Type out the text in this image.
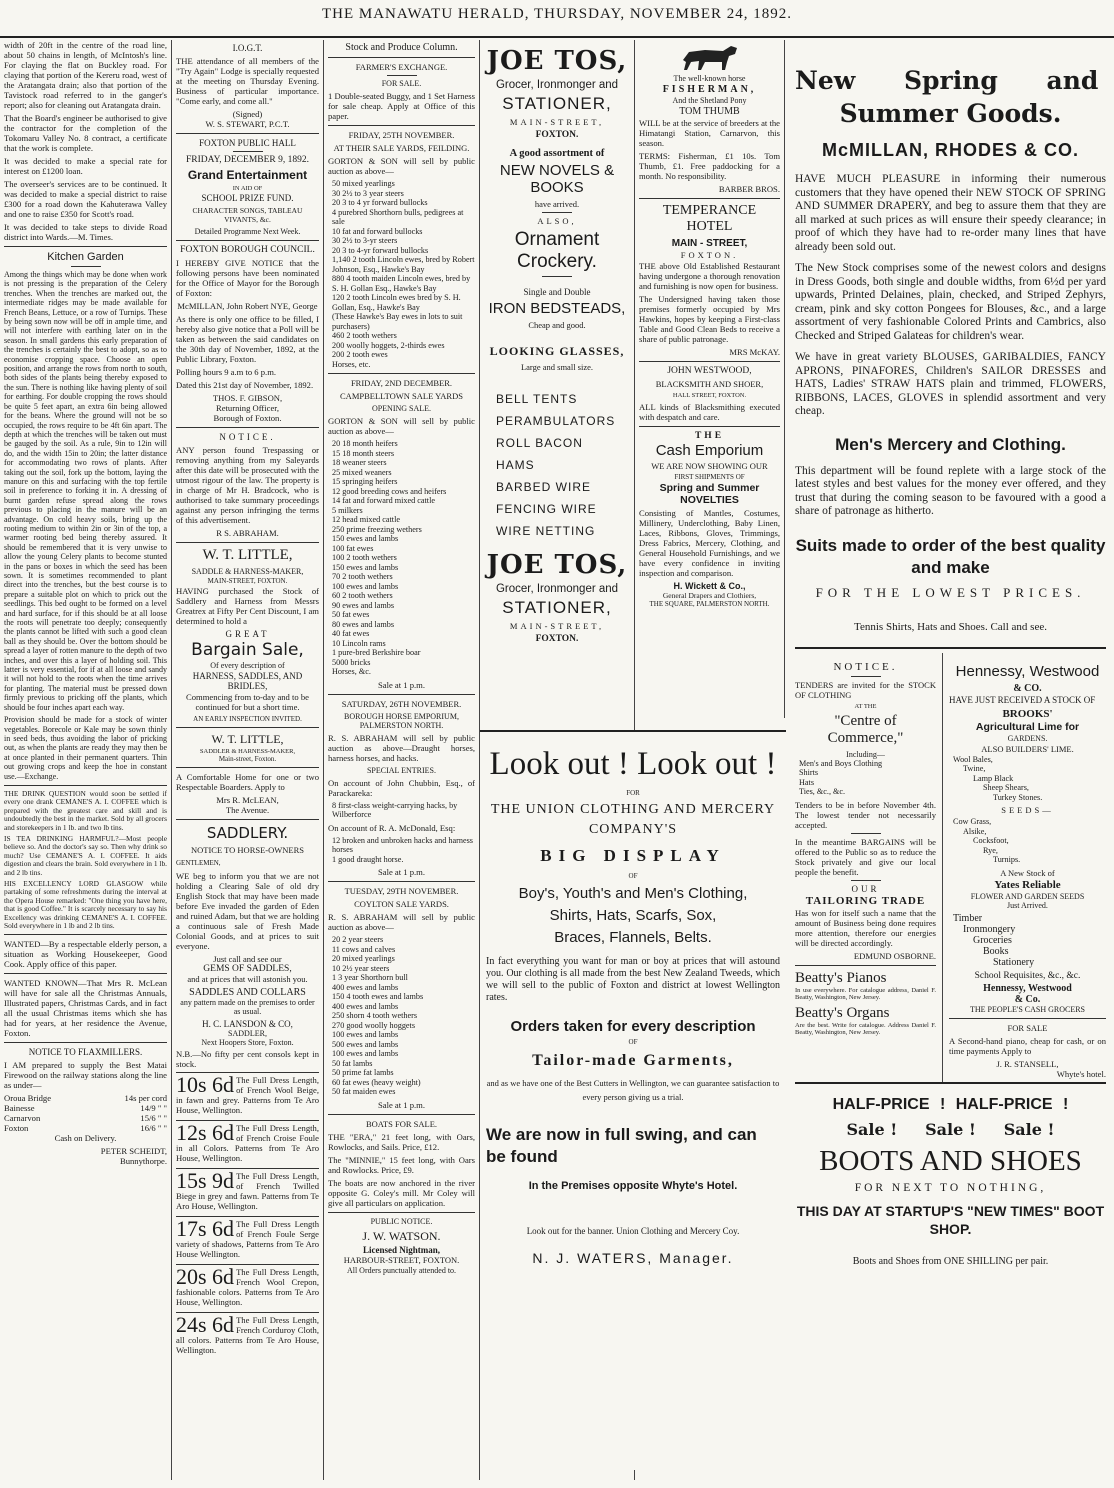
THE MANAWATU HERALD, THURSDAY, NOVEMBER 24, 1892.

width of 20ft in the centre of the road line, about 50 chains in length, of McIntosh's line. For claying the flat on Buckley road. For claying that portion of the Kereru road, west of the Aratangata drain; also that portion of the Tavistock road referred to in the ganger's report; also for cleaning out Aratangata drain.

That the Board's engineer be authorised to give the contractor for the completion of the Tokomaru Valley No. 8 contract, a certificate that the work is complete.

It was decided to make a special rate for interest on £1200 loan.

The overseer's services are to be continued. It was decided to make a special district to raise £300 for a road down the Kahuterawa Valley and one to raise £350 for Scott's road.

It was decided to take steps to divide Road district into Wards.—M. Times.

Kitchen Garden

Among the things which may be done when work is not pressing is the preparation of the Celery trenches. When the trenches are marked out, the intermediate ridges may be made available for French Beans, Lettuce, or a row of Turnips. These by being sown now will be off in ample time, and will not interfere with earthing later on in the season. In small gardens this early preparation of the trenches is certainly the best to adopt, so as to economise cropping space. Choose an open position, and arrange the rows from north to south, both sides of the plants being thereby exposed to the sun. There is nothing like having plenty of soil for earthing. For double cropping the rows should be quite 5 feet apart, an extra 6in being allowed for the beans. Where the ground will not be so occupied, the rows require to be 4ft 6in apart. The depth at which the trenches will be taken out must be gauged by the soil. As a rule, 9in to 12in will do, and the width 15in to 20in; the latter distance for accommodating two rows of plants. After taking out the soil, fork up the bottom, laying the manure on this and surfacing with the top fertile soil in preference to forking it in. A dressing of burnt garden refuse spread along the rows previous to placing in the manure will be an advantage. On cold heavy soils, bring up the rooting medium to within 2in or 3in of the top, a warmer rooting bed being thereby assured. It should be remembered that it is very unwise to allow the young Celery plants to become stunted in the pans or boxes in which the seed has been sown. It is sometimes recommended to plant direct into the trenches, but the best course is to prepare a suitable plot on which to prick out the seedlings. This bed ought to be formed on a level and hard surface, for if this should be at all loose the roots will penetrate too deeply; consequently the plants cannot be lifted with such a good clean ball as they should be. Over the bottom should be spread a layer of rotten manure to the depth of two inches, and over this a layer of holding soil. This latter is very essential, for if at all loose and sandy it will not hold to the roots when the time arrives for planting. The material must be pressed down firmly previous to pricking off the plants, which should be four inches apart each way.

Provision should be made for a stock of winter vegetables. Borecole or Kale may be sown thinly in seed beds, thus avoiding the labor of pricking out, as when the plants are ready they may then be at once planted in their permanent quarters. Thin out growing crops and keep the hoe in constant use.—Exchange.

THE DRINK QUESTION would soon be settled if every one drank CEMANE'S A. I. COFFEE which is prepared with the greatest care and skill and is undoubtedly the best in the market. Sold by all grocers and storekeepers in 1 lb. and two lb tins.

IS TEA DRINKING HARMFUL?—Most people believe so. And the doctor's say so. Then why drink so much? Use CEMANE'S A. I. COFFEE. It aids digestion and clears the brain. Sold everywhere in 1 lb. and 2 lb tins.

HIS EXCELLENCY LORD GLASGOW while partaking of some refreshments during the interval at the Opera House remarked: "One thing you have here, that is good Coffee." It is scarcely necessary to say his Excellency was drinking CEMANE'S A. I. COFFEE. Sold everywhere in 1 lb and 2 lb tins.

WANTED—By a respectable elderly person, a situation as Working Housekeeper, Good Cook. Apply office of this paper.

WANTED KNOWN—That Mrs R. McLean will have for sale all the Christmas Annuals, Illustrated papers, Christmas Cards, and in fact all the usual Christmas items which she has had for years, at her residence the Avenue, Foxton.

NOTICE TO FLAXMILLERS.

I AM prepared to supply the Best Matai Firewood on the railway stations along the line as under—

Oroua Bridge	14s per cord
Bainesse	14/9 " "
Carnarvon	15/6 " "
Foxton	16/6 " "
Cash on Delivery.
PETER SCHEIDT,
Bunnythorpe.
I.O.G.T.

THE attendance of all members of the "Try Again" Lodge is specially requested at the meeting on Thursday Evening. Business of particular importance. "Come early, and come all."

(Signed)
W. S. STEWART, P.C.T.
FOXTON PUBLIC HALL
FRIDAY, DECEMBER 9, 1892.
Grand Entertainment
IN AID OF
SCHOOL PRIZE FUND.
CHARACTER SONGS, TABLEAU VIVANTS, &c.
Detailed Programme Next Week.
FOXTON BOROUGH COUNCIL.

I HEREBY GIVE NOTICE that the following persons have been nominated for the Office of Mayor for the Borough of Foxton:

McMILLAN, John Robert NYE, George

As there is only one office to be filled, I hereby also give notice that a Poll will be taken as between the said candidates on the 30th day of November, 1892, at the Public Library, Foxton.

Polling hours 9 a.m to 6 p.m.

Dated this 21st day of November, 1892.

THOS. F. GIBSON,
Returning Officer,
Borough of Foxton.
NOTICE.

ANY person found Trespassing or removing anything from my Saleyards after this date will be prosecuted with the utmost rigour of the law. The property is in charge of Mr H. Bradcock, who is authorised to take summary proceedings against any person infringing the terms of this advertisement.

R S. ABRAHAM.
W. T. LITTLE,
SADDLE & HARNESS-MAKER,
MAIN-STREET, FOXTON.

HAVING purchased the Stock of Saddlery and Harness from Messrs Greatrex at Fifty Per Cent Discount, I am determined to hold a

GREAT
Bargain Sale,
Of every description of
HARNESS, SADDLES, AND BRIDLES,

Commencing from to-day and to be continued for but a short time.

AN EARLY INSPECTION INVITED.
W. T. LITTLE,
SADDLER & HARNESS-MAKER,
Main-street, Foxton.

A Comfortable Home for one or two Respectable Boarders. Apply to

Mrs R. McLEAN,
The Avenue.
SADDLERY.
NOTICE TO HORSE-OWNERS
GENTLEMEN,

WE beg to inform you that we are not holding a Clearing Sale of old dry English Stock that may have been made before Eve invaded the garden of Eden and ruined Adam, but that we are holding a continuous sale of Fresh Made Colonial Goods, and at prices to suit everyone.

Just call and see our
GEMS OF SADDLES,
and at prices that will astonish you.
SADDLES AND COLLARS
any pattern made on the premises to order as usual.
H. C. LANSDON & CO,
SADDLER,
Next Hoopers Store, Foxton.

N.B.—No fifty per cent consols kept in stock.

10s 6d The Full Dress Length, of French Wool Beige, in fawn and grey. Patterns from Te Aro House, Wellington.
12s 6d The Full Dress Length, of French Croise Foule in all Colors. Patterns from Te Aro House, Wellington.
15s 9d The Full Dress Length, of French Twilled Biege in grey and fawn. Patterns from Te Aro House, Wellington.
17s 6d The Full Dress Length of French Foule Serge variety of shadows, Patterns from Te Aro House Wellington.
20s 6d The Full Dress Length, French Wool Crepon, fashionable colors. Patterns from Te Aro House, Wellington.
24s 6d The Full Dress Length, French Corduroy Cloth, all colors. Patterns from Te Aro House, Wellington.
Stock and Produce Column.
FARMER'S EXCHANGE.
FOR SALE.

1 Double-seated Buggy, and 1 Set Harness for sale cheap. Apply at Office of this paper.

FRIDAY, 25TH NOVEMBER.
AT THEIR SALE YARDS, FEILDING.

GORTON & SON will sell by public auction as above—

50 mixed yearlings
30 2½ to 3 year steers
20 3 to 4 yr forward bullocks
4 purebred Shorthorn bulls, pedigrees at sale
10 fat and forward bullocks
30 2½ to 3-yr steers
20 3 to 4-yr forward bullocks
1,140 2 tooth Lincoln ewes, bred by Robert Johnson, Esq., Hawke's Bay
880 4 tooth maiden Lincoln ewes, bred by S. H. Gollan Esq., Hawke's Bay
120 2 tooth Lincoln ewes bred by S. H. Gollan, Esq., Hawke's Bay
(These Hawke's Bay ewes in lots to suit purchasers)
460 2 tooth wethers
200 woolly hoggets, 2-thirds ewes
200 2 tooth ewes
Horses, etc.
FRIDAY, 2ND DECEMBER.
CAMPBELLTOWN SALE YARDS
OPENING SALE.

GORTON & SON will sell by public auction as above—

20 18 month heifers
15 18 month steers
18 weaner steers
25 mixed weaners
15 springing heifers
12 good breeding cows and heifers
14 fat and forward mixed cattle
5 milkers
12 head mixed cattle
250 prime freezing wethers
150 ewes and lambs
100 fat ewes
100 2 tooth wethers
150 ewes and lambs
70 2 tooth wethers
100 ewes and lambs
60 2 tooth wethers
90 ewes and lambs
50 fat ewes
80 ewes and lambs
40 fat ewes
10 Lincoln rams
1 pure-bred Berkshire boar
5000 bricks
Horses, &c.
Sale at 1 p.m.
SATURDAY, 26TH NOVEMBER.
BOROUGH HORSE EMPORIUM, PALMERSTON NORTH.

R. S. ABRAHAM will sell by public auction as above—Draught horses, harness horses, and hacks.

SPECIAL ENTRIES.

On account of John Chubbin, Esq., of Parackareka:

8 first-class weight-carrying hacks, by Wilberforce

On account of R. A. McDonald, Esq:

12 broken and unbroken hacks and harness horses
1 good draught horse.
Sale at 1 p.m.
TUESDAY, 29TH NOVEMBER.
COYLTON SALE YARDS.

R. S. ABRAHAM will sell by public auction as above—

20 2 year steers
11 cows and calves
20 mixed yearlings
10 2½ year steers
1 3 year Shorthorn bull
400 ewes and lambs
150 4 tooth ewes and lambs
400 ewes and lambs
250 shorn 4 tooth wethers
270 good woolly hoggets
100 ewes and lambs
500 ewes and lambs
100 ewes and lambs
50 fat lambs
50 prime fat lambs
60 fat ewes (heavy weight)
50 fat maiden ewes
Sale at 1 p.m.
BOATS FOR SALE.

THE "ERA," 21 feet long, with Oars, Rowlocks, and Sails. Price, £12.

The "MINNIE," 15 feet long, with Oars and Rowlocks. Price, £9.

The boats are now anchored in the river opposite G. Coley's mill. Mr Coley will give all particulars on application.

PUBLIC NOTICE.
J. W. WATSON.
Licensed Nightman,
HARBOUR-STREET, FOXTON.
All Orders punctually attended to.
JOE TOS,
Grocer, Ironmonger and
STATIONER,
MAIN-STREET,
FOXTON.
A good assortment of
NEW NOVELS & BOOKS
have arrived.
ALSO,
Ornament Crockery.
Single and Double
IRON BEDSTEADS,
Cheap and good.
LOOKING GLASSES,
Large and small size.
BELL TENTS
PERAMBULATORS
ROLL BACON
HAMS
BARBED WIRE
FENCING WIRE
WIRE NETTING
JOE TOS,
Grocer, Ironmonger and
STATIONER,
MAIN-STREET,
FOXTON.
The well-known horse
FISHERMAN,
And the Shetland Pony
TOM THUMB

WILL be at the service of breeders at the Himatangi Station, Carnarvon, this season.

TERMS: Fisherman, £1 10s. Tom Thumb, £1. Free paddocking for a month. No responsibility.

BARBER BROS.
TEMPERANCE HOTEL
MAIN - STREET,
FOXTON.

THE above Old Established Restaurant having undergone a thorough renovation and furnishing is now open for business.

The Undersigned having taken those premises formerly occupied by Mrs Hawkins, hopes by keeping a First-class Table and Good Clean Beds to receive a share of public patronage.

MRS McKAY.
JOHN WESTWOOD,
BLACKSMITH AND SHOER,
HALL STREET, FOXTON.

ALL kinds of Blacksmithing executed with despatch and care.

THE
Cash Emporium
WE ARE NOW SHOWING OUR
FIRST SHIPMENTS OF
Spring and Summer
NOVELTIES

Consisting of Mantles, Costumes, Millinery, Underclothing, Baby Linen, Laces, Ribbons, Gloves, Trimmings, Dress Fabrics, Mercery, Clothing, and General Household Furnishings, and we have every confidence in inviting inspection and comparison.

H. Wickett & Co.,
General Drapers and Clothiers,
THE SQUARE, PALMERSTON NORTH.
Look out ! Look out !
FOR
THE UNION CLOTHING AND MERCERY COMPANY'S
BIG DISPLAY
OF
Boy's, Youth's and Men's Clothing,
Shirts, Hats, Scarfs, Sox,
Braces, Flannels, Belts.

In fact everything you want for man or boy at prices that will astound you. Our clothing is all made from the best New Zealand Tweeds, which we will sell to the public of Foxton and district at lowest Wellington rates.

Orders taken for every description
OF
Tailor-made Garments,

and as we have one of the Best Cutters in Wellington, we can guarantee satisfaction to every person giving us a trial.

We are now in full swing, and can be found
In the Premises opposite Whyte's Hotel.
Look out for the banner. Union Clothing and Mercery Coy.
N. J. WATERS, Manager.
New Spring and
Summer Goods.
McMILLAN, RHODES & CO.

HAVE MUCH PLEASURE in informing their numerous customers that they have opened their NEW STOCK OF SPRING AND SUMMER DRAPERY, and beg to assure them that they are all marked at such prices as will ensure their speedy clearance; in proof of which they have had to re-order many lines that have already been sold out.

The New Stock comprises some of the newest colors and designs in Dress Goods, both single and double widths, from 6½d per yard upwards, Printed Delaines, plain, checked, and Striped Zephyrs, cream, pink and sky cotton Pongees for Blouses, &c., and a large assortment of very fashionable Colored Prints and Cambrics, also Checked and Striped Galateas for children's wear.

We have in great variety BLOUSES, GARIBALDIES, FANCY APRONS, PINAFORES, Children's SAILOR DRESSES and HATS, Ladies' STRAW HATS plain and trimmed, FLOWERS, RIBBONS, LACES, GLOVES in splendid assortment and very cheap.

Men's Mercery and Clothing.

This department will be found replete with a large stock of the latest styles and best values for the money ever offered, and they trust that during the coming season to be favoured with a good a share of patronage as hitherto.

Suits made to order of the best quality and make
FOR THE LOWEST PRICES.
Tennis Shirts, Hats and Shoes. Call and see.
NOTICE.

TENDERS are invited for the STOCK OF CLOTHING

AT THE
"Centre of Commerce,"
Including—
Men's and Boys Clothing
Shirts
Hats
Ties, &c., &c.

Tenders to be in before November 4th. The lowest tender not necessarily accepted.

In the meantime BARGAINS will be offered to the Public so as to reduce the Stock privately and give our local people the benefit.

OUR
TAILORING TRADE

Has won for itself such a name that the amount of Business being done requires more attention, therefore our energies will be directed accordingly.

EDMUND OSBORNE.
Beatty's Pianos

In use everywhere. For catalogue address, Daniel F. Beatty, Washington, New Jersey.

Beatty's Organs

Are the best. Write for catalogue. Address Daniel F. Beatty, Washington, New Jersey.

Hennessy, Westwood
& CO.

HAVE JUST RECEIVED A STOCK OF

BROOKS'
Agricultural Lime for
GARDENS.
ALSO BUILDERS' LIME.
Wool Bales,
Twine,
Lamp Black
Sheep Shears,
Turkey Stones.
SEEDS—
Cow Grass,
Alsike,
Cocksfoot,
Rye,
Turnips.
A New Stock of
Yates Reliable
FLOWER AND GARDEN SEEDS
Just Arrived.
Timber
Ironmongery
Groceries
Books
Stationery
School Requisites, &c., &c.
Hennessy, Westwood
& Co.
THE PEOPLE'S CASH GROCERS
FOR SALE

A Second-hand piano, cheap for cash, or on time payments Apply to

J. R. STANSELL,
Whyte's hotel.
HALF-PRICE ! HALF-PRICE !
Sale !     Sale !     Sale !
BOOTS AND SHOES
FOR NEXT TO NOTHING,
THIS DAY AT STARTUP'S "NEW TIMES" BOOT SHOP.
Boots and Shoes from ONE SHILLING per pair.
